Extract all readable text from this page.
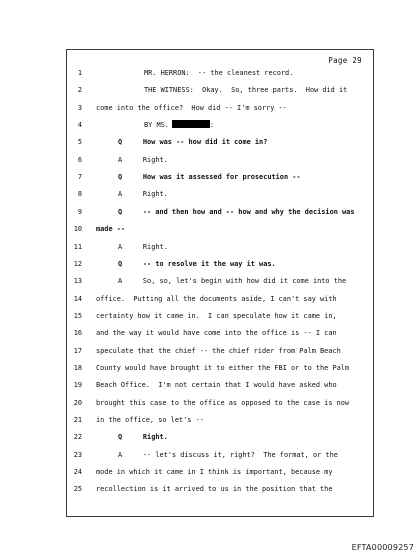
Page 29
1	MR. HERRON:  -- the cleanest record.
2	THE WITNESS:  Okay.  So, three parts.  How did it
3 come into the office?  How did -- I'm sorry --
4	BY MS.	:
5	Q     How was -- how did it come in?
6	A     Right.
7	Q     How was it assessed for prosecution --
8	A     Right.
9	Q     -- and then how and -- how and why the decision was
10 made --
11	A     Right.
12	Q     -- to resolve it the way it was.
13	A     So, so, let's begin with how did it come into the
14 office.  Putting all the documents aside, I can't say with
15 certainty how it came in.  I can speculate how it came in,
16 and the way it would have come into the office is -- I can
17 speculate that the chief -- the chief rider from Palm Beach
18 County would have brought it to either the FBI or to the Palm
19 Beach Office.  I'm not certain that I would have asked who
20 brought this case to the office as opposed to the case is now
21 in the office, so let's --
22	Q     Right.
23	A     -- let's discuss it, right?  The format, or the
24 mode in which it came in I think is important, because my
25 recollection is it arrived to us in the position that the
EFTA00009257
